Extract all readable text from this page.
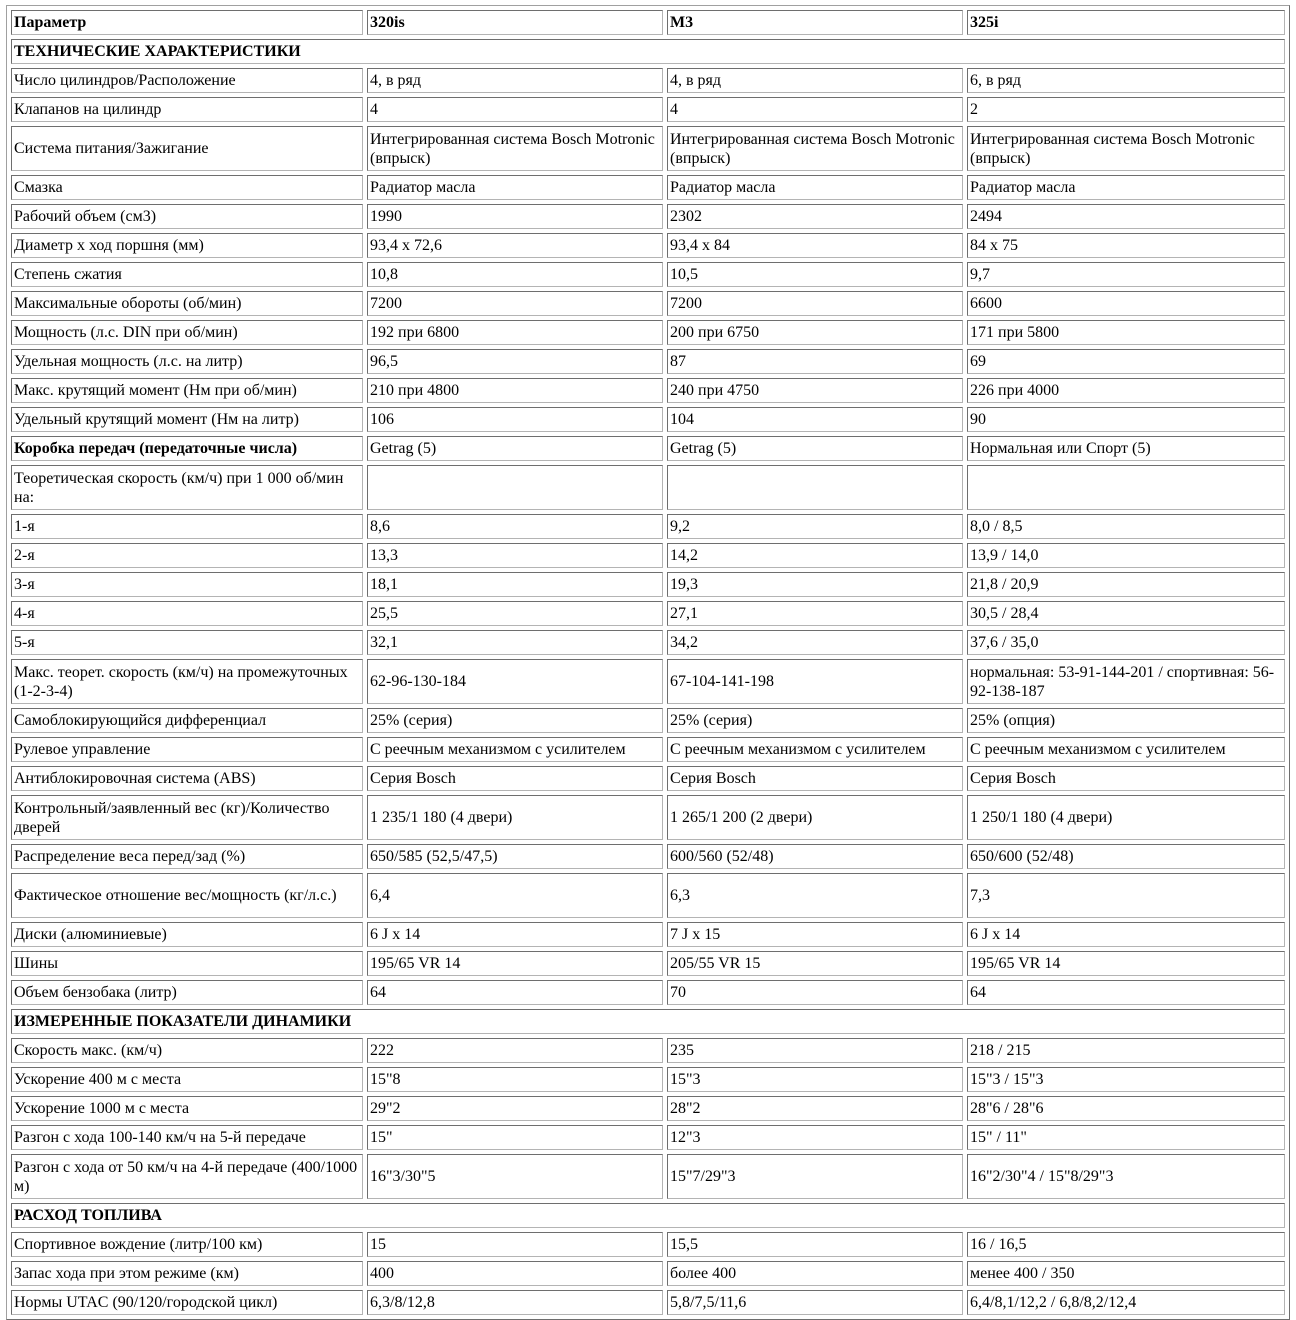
Параметр	320is	M3	325i
ТЕХНИЧЕСКИЕ ХАРАКТЕРИСТИКИ			
Число цилиндров/Расположение	4, в ряд	4, в ряд	6, в ряд
Клапанов на цилиндр	4	4	2
Система питания/Зажигание	Интегрированная система Bosch Motronic (впрыск)	Интегрированная система Bosch Motronic (впрыск)	Интегрированная система Bosch Motronic (впрыск)
Смазка	Радиатор масла	Радиатор масла	Радиатор масла
Рабочий объем (см3)	1990	2302	2494
Диаметр x ход поршня (мм)	93,4 x 72,6	93,4 x 84	84 x 75
Степень сжатия	10,8	10,5	9,7
Максимальные обороты (об/мин)	7200	7200	6600
Мощность (л.с. DIN при об/мин)	192 при 6800	200 при 6750	171 при 5800
Удельная мощность (л.с. на литр)	96,5	87	69
Макс. крутящий момент (Нм при об/мин)	210 при 4800	240 при 4750	226 при 4000
Удельный крутящий момент (Нм на литр)	106	104	90
Коробка передач (передаточные числа)	Getrag (5)	Getrag (5)	Нормальная или Спорт (5)
Теоретическая скорость (км/ч) при 1 000 об/мин на:			
1-я	8,6	9,2	8,0 / 8,5
2-я	13,3	14,2	13,9 / 14,0
3-я	18,1	19,3	21,8 / 20,9
4-я	25,5	27,1	30,5 / 28,4
5-я	32,1	34,2	37,6 / 35,0
Макс. теорет. скорость (км/ч) на промежуточных (1-2-3-4)	62-96-130-184	67-104-141-198	нормальная: 53-91-144-201 / спортивная: 56-92-138-187
Самоблокирующийся дифференциал	25% (серия)	25% (серия)	25% (опция)
Рулевое управление	С реечным механизмом с усилителем	С реечным механизмом с усилителем	С реечным механизмом с усилителем
Антиблокировочная система (ABS)	Серия Bosch	Серия Bosch	Серия Bosch
Контрольный/заявленный вес (кг)/Количество дверей	1 235/1 180 (4 двери)	1 265/1 200 (2 двери)	1 250/1 180 (4 двери)
Распределение веса перед/зад (%)	650/585 (52,5/47,5)	600/560 (52/48)	650/600 (52/48)
Фактическое отношение вес/мощность (кг/л.с.)	6,4	6,3	7,3
Диски (алюминиевые)	6 J x 14	7 J x 15	6 J x 14
Шины	195/65 VR 14	205/55 VR 15	195/65 VR 14
Объем бензобака (литр)	64	70	64
ИЗМЕРЕННЫЕ ПОКАЗАТЕЛИ ДИНАМИКИ			
Скорость макс. (км/ч)	222	235	218 / 215
Ускорение 400 м с места	15"8	15"3	15"3 / 15"3
Ускорение 1000 м с места	29"2	28"2	28"6 / 28"6
Разгон с хода 100-140 км/ч на 5-й передаче	15"	12"3	15" / 11"
Разгон с хода от 50 км/ч на 4-й передаче (400/1000 м)	16"3/30"5	15"7/29"3	16"2/30"4 / 15"8/29"3
РАСХОД ТОПЛИВА			
Спортивное вождение (литр/100 км)	15	15,5	16 / 16,5
Запас хода при этом режиме (км)	400	более 400	менее 400 / 350
Нормы UTAC (90/120/городской цикл)	6,3/8/12,8	5,8/7,5/11,6	6,4/8,1/12,2 / 6,8/8,2/12,4
